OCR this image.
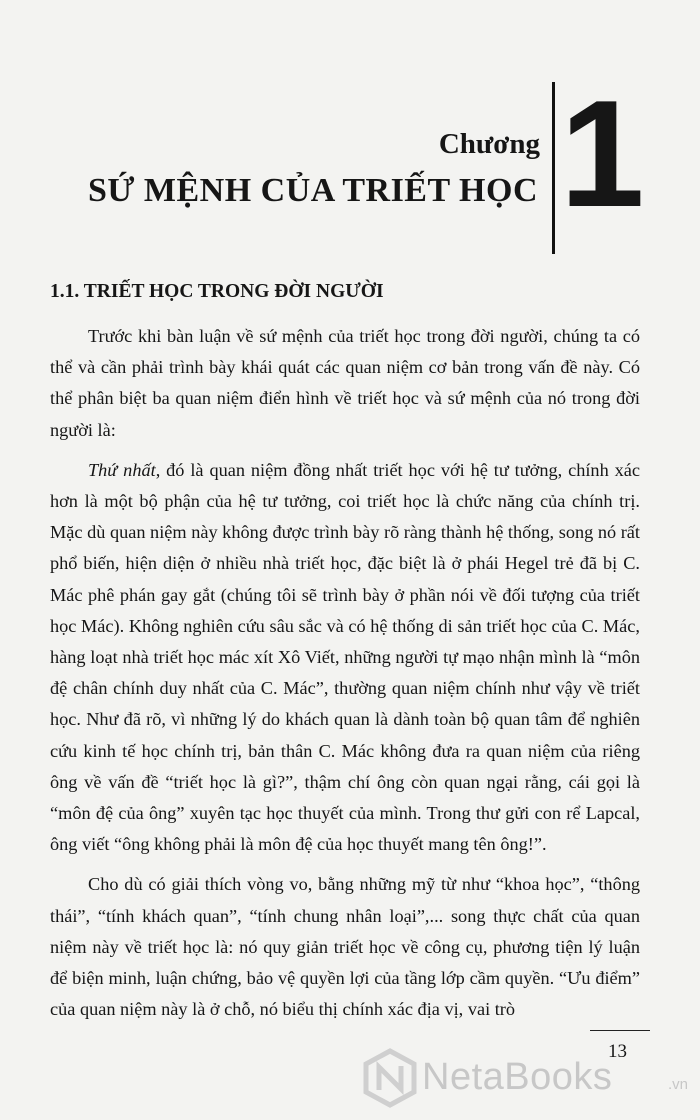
Chương
SỨ MỆNH CỦA TRIẾT HỌC 1
1.1. TRIẾT HỌC TRONG ĐỜI NGƯỜI

Trước khi bàn luận về sứ mệnh của triết học trong đời người, chúng ta có thể và cần phải trình bày khái quát các quan niệm cơ bản trong vấn đề này. Có thể phân biệt ba quan niệm điển hình về triết học và sứ mệnh của nó trong đời người là:

Thứ nhất, đó là quan niệm đồng nhất triết học với hệ tư tưởng, chính xác hơn là một bộ phận của hệ tư tưởng, coi triết học là chức năng của chính trị. Mặc dù quan niệm này không được trình bày rõ ràng thành hệ thống, song nó rất phổ biến, hiện diện ở nhiều nhà triết học, đặc biệt là ở phái Hegel trẻ đã bị C. Mác phê phán gay gắt (chúng tôi sẽ trình bày ở phần nói về đối tượng của triết học Mác). Không nghiên cứu sâu sắc và có hệ thống di sản triết học của C. Mác, hàng loạt nhà triết học mác xít Xô Viết, những người tự mạo nhận mình là “môn đệ chân chính duy nhất của C. Mác”, thường quan niệm chính như vậy về triết học. Như đã rõ, vì những lý do khách quan là dành toàn bộ quan tâm để nghiên cứu kinh tế học chính trị, bản thân C. Mác không đưa ra quan niệm của riêng ông về vấn đề “triết học là gì?”, thậm chí ông còn quan ngại rằng, cái gọi là “môn đệ của ông” xuyên tạc học thuyết của mình. Trong thư gửi con rể Lapcal, ông viết “ông không phải là môn đệ của học thuyết mang tên ông!”.

Cho dù có giải thích vòng vo, bằng những mỹ từ như “khoa học”, “thông thái”, “tính khách quan”, “tính chung nhân loại”,... song thực chất của quan niệm này về triết học là: nó quy giản triết học về công cụ, phương tiện lý luận để biện minh, luận chứng, bảo vệ quyền lợi của tầng lớp cầm quyền. “Ưu điểm” của quan niệm này là ở chỗ, nó biểu thị chính xác địa vị, vai trò

13
NetaBooks	.vn
